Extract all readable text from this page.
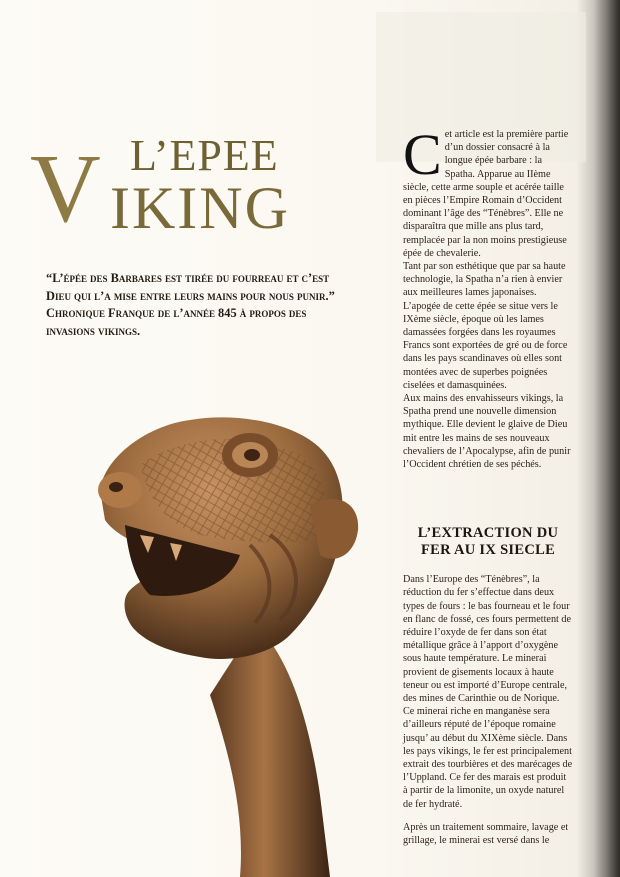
V L’EPEE
IKING
“L’épée des Barbares est tirée du fourreau et c’est Dieu qui l’a mise entre leurs mains pour nous punir.” Chronique Franque de l’année 845 à propos des invasions vikings.
C et article est la première partie d’un dossier consacré à la longue épée barbare : la Spatha. Apparue au IIème siècle, cette arme souple et acérée taille en pièces l’Empire Romain d’Occident dominant l’âge des “Ténèbres”. Elle ne disparaîtra que mille ans plus tard, remplacée par la non moins prestigieuse épée de chevalerie.

Tant par son esthétique que par sa haute technologie, la Spatha n’a rien à envier aux meilleures lames japonaises. L’apogée de cette épée se situe vers le IXème siècle, époque où les lames damassées forgées dans les royaumes Francs sont exportées de gré ou de force dans les pays scandinaves où elles sont montées avec de superbes poignées ciselées et damasquinées.

Aux mains des envahisseurs vikings, la Spatha prend une nouvelle dimension mythique. Elle devient le glaive de Dieu mit entre les mains de ses nouveaux chevaliers de l’Apocalypse, afin de punir l’Occident chrétien de ses péchés.

L’EXTRACTION DU FER AU IX SIECLE

Dans l’Europe des “Ténèbres”, la réduction du fer s’effectue dans deux types de fours : le bas fourneau et le four en flanc de fossé, ces fours permettent de réduire l’oxyde de fer dans son état métallique grâce à l’apport d’oxygène sous haute température. Le minerai provient de gisements locaux à haute teneur ou est importé d’Europe centrale, des mines de Carinthie ou de Norique. Ce minerai riche en manganèse sera d’ailleurs réputé de l’époque romaine jusqu’ au début du XIXème siècle. Dans les pays vikings, le fer est principalement extrait des tourbières et des marécages de l’Uppland. Ce fer des marais est produit à partir de la limonite, un oxyde naturel de fer hydraté.

Après un traitement sommaire, lavage et grillage, le minerai est versé dans le
